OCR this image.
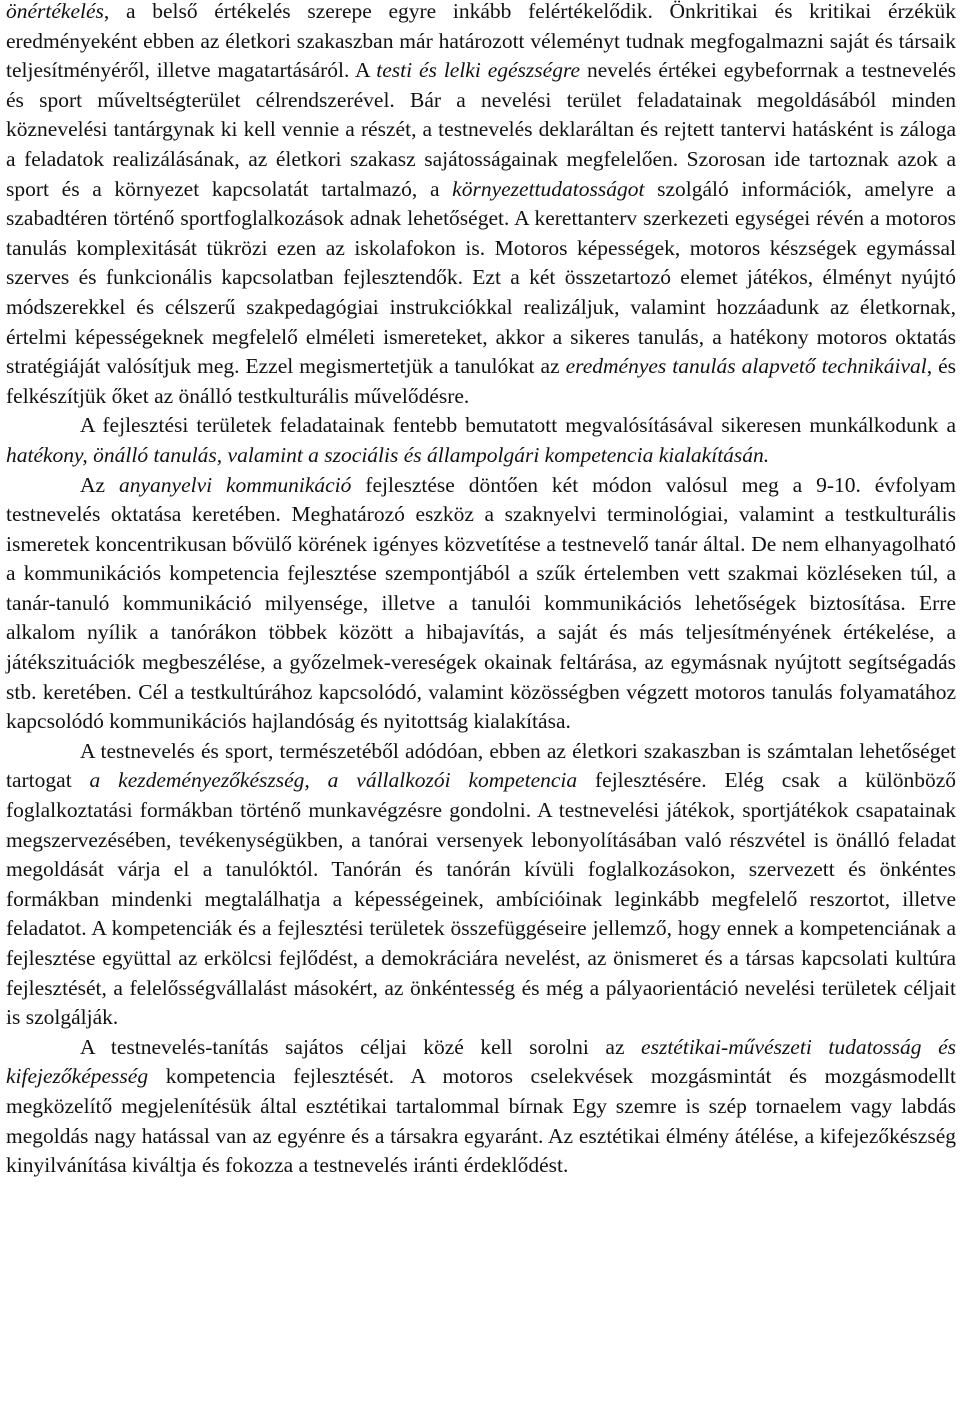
önértékelés, a belső értékelés szerepe egyre inkább felértékelődik. Önkritikai és kritikai érzékük eredményeként ebben az életkori szakaszban már határozott véleményt tudnak megfogalmazni saját és társaik teljesítményéről, illetve magatartásáról. A testi és lelki egészségre nevelés értékei egybeforrnak a testnevelés és sport műveltségterület célrendszerével. Bár a nevelési terület feladatainak megoldásából minden köznevelési tantárgynak ki kell vennie a részét, a testnevelés deklaráltan és rejtett tantervi hatásként is záloga a feladatok realizálásának, az életkori szakasz sajátosságainak megfelelően. Szorosan ide tartoznak azok a sport és a környezet kapcsolatát tartalmazó, a környezettudatosságot szolgáló információk, amelyre a szabadtéren történő sportfoglalkozások adnak lehetőséget. A kerettanterv szerkezeti egységei révén a motoros tanulás komplexitását tükrözi ezen az iskolafokon is. Motoros képességek, motoros készségek egymással szerves és funkcionális kapcsolatban fejlesztendők. Ezt a két összetartozó elemet játékos, élményt nyújtó módszerekkel és célszerű szakpedagógiai instrukciókkal realizáljuk, valamint hozzáadunk az életkornak, értelmi képességeknek megfelelő elméleti ismereteket, akkor a sikeres tanulás, a hatékony motoros oktatás stratégiáját valósítjuk meg. Ezzel megismertetjük a tanulókat az eredményes tanulás alapvető technikáival, és felkészítjük őket az önálló testkulturális művelődésre.

A fejlesztési területek feladatainak fentebb bemutatott megvalósításával sikeresen munkálkodunk a hatékony, önálló tanulás, valamint a szociális és állampolgári kompetencia kialakításán.

Az anyanyelvi kommunikáció fejlesztése döntően két módon valósul meg a 9-10. évfolyam testnevelés oktatása keretében. Meghatározó eszköz a szaknyelvi terminológiai, valamint a testkulturális ismeretek koncentrikusan bővülő körének igényes közvetítése a testnevelő tanár által. De nem elhanyagolható a kommunikációs kompetencia fejlesztése szempontjából a szűk értelemben vett szakmai közléseken túl, a tanár-tanuló kommunikáció milyensége, illetve a tanulói kommunikációs lehetőségek biztosítása. Erre alkalom nyílik a tanórákon többek között a hibajavítás, a saját és más teljesítményének értékelése, a játékszituációk megbeszélése, a győzelmek-vereségek okainak feltárása, az egymásnak nyújtott segítségadás stb. keretében. Cél a testkultúrához kapcsolódó, valamint közösségben végzett motoros tanulás folyamatához kapcsolódó kommunikációs hajlandóság és nyitottság kialakítása.

A testnevelés és sport, természetéből adódóan, ebben az életkori szakaszban is számtalan lehetőséget tartogat a kezdeményezőkészség, a vállalkozói kompetencia fejlesztésére. Elég csak a különböző foglalkoztatási formákban történő munkavégzésre gondolni. A testnevelési játékok, sportjátékok csapatainak megszervezésében, tevékenységükben, a tanórai versenyek lebonyolításában való részvétel is önálló feladat megoldását várja el a tanulóktól. Tanórán és tanórán kívüli foglalkozásokon, szervezett és önkéntes formákban mindenki megtalálhatja a képességeinek, ambícióinak leginkább megfelelő reszortot, illetve feladatot. A kompetenciák és a fejlesztési területek összefüggéseire jellemző, hogy ennek a kompetenciának a fejlesztése együttal az erkölcsi fejlődést, a demokráciára nevelést, az önismeret és a társas kapcsolati kultúra fejlesztését, a felelősségvállalást másokért, az önkéntesség és még a pályaorientáció nevelési területek céljait is szolgálják.

A testnevelés-tanítás sajátos céljai közé kell sorolni az esztétikai-művészeti tudatosság és kifejezőképesség kompetencia fejlesztését. A motoros cselekvések mozgásmintát és mozgásmodellt megközelítő megjelenítésük által esztétikai tartalommal bírnak Egy szemre is szép tornaelem vagy labdás megoldás nagy hatással van az egyénre és a társakra egyaránt. Az esztétikai élmény átélése, a kifejezőkészség kinyilvánítása kiváltja és fokozza a testnevelés iránti érdeklődést.
